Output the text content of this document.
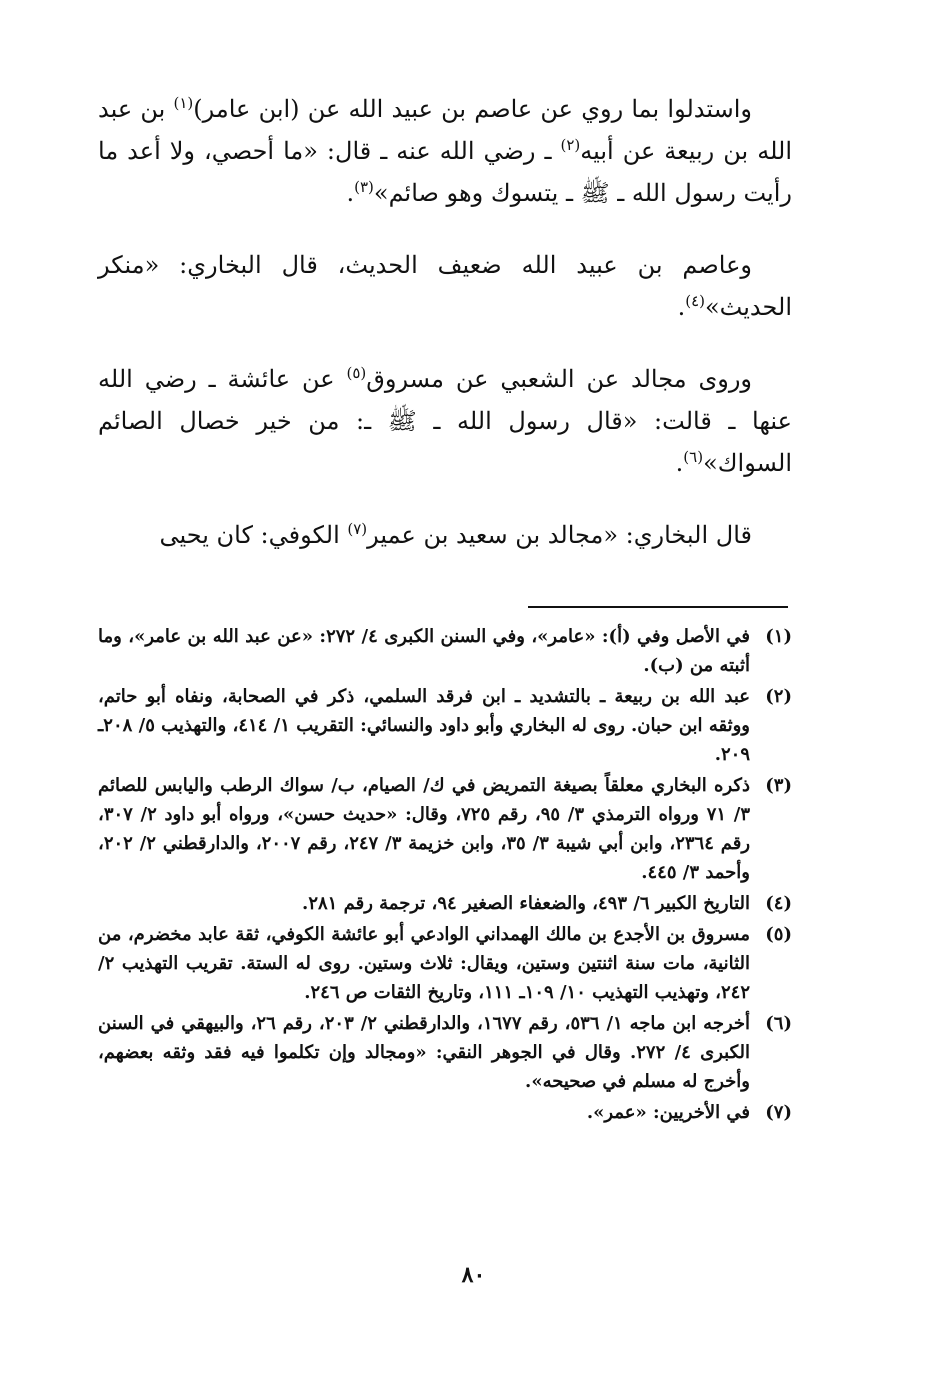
واستدلوا بما روي عن عاصم بن عبيد الله عن (ابن عامر)$^{(١)}$ بن عبد الله بن ربيعة عن أبيه$^{(٢)}$ ـ رضي الله عنه ـ قال: «ما أحصي، ولا أعد ما رأيت رسول الله ـ ﷺ ـ يتسوك وهو صائم»$^{(٣)}$.

وعاصم بن عبيد الله ضعيف الحديث، قال البخاري: «منكر الحديث»$^{(٤)}$.

وروى مجالد عن الشعبي عن مسروق$^{(٥)}$ عن عائشة ـ رضي الله عنها ـ قالت: «قال رسول الله ـ ﷺ ـ: من خير خصال الصائم السواك»$^{(٦)}$.

قال البخاري: «مجالد بن سعيد بن عمير$^{(٧)}$ الكوفي: كان يحيى

(١)
في الأصل وفي (أ): «عامر»، وفي السنن الكبرى ٤/ ٢٧٢: «عن عبد الله بن عامر»، وما أثبته من (ب).
(٢)
عبد الله بن ربيعة ـ بالتشديد ـ ابن فرقد السلمي، ذكر في الصحابة، ونفاه أبو حاتم، ووثقه ابن حبان. روى له البخاري وأبو داود والنسائي: التقريب ١/ ٤١٤، والتهذيب ٥/ ٢٠٨ـ ٢٠٩.
(٣)
ذكره البخاري معلقاً بصيغة التمريض في ك/ الصيام، ب/ سواك الرطب واليابس للصائم ٣/ ٧١ ورواه الترمذي ٣/ ٩٥، رقم ٧٢٥، وقال: «حديث حسن»، ورواه أبو داود ٢/ ٣٠٧، رقم ٢٣٦٤، وابن أبي شيبة ٣/ ٣٥، وابن خزيمة ٣/ ٢٤٧، رقم ٢٠٠٧، والدارقطني ٢/ ٢٠٢، وأحمد ٣/ ٤٤٥.
(٤)
التاريخ الكبير ٦/ ٤٩٣، والضعفاء الصغير ٩٤، ترجمة رقم ٢٨١.
(٥)
مسروق بن الأجدع بن مالك الهمداني الوادعي أبو عائشة الكوفي، ثقة عابد مخضرم، من الثانية، مات سنة اثنتين وستين، ويقال: ثلاث وستين. روى له الستة. تقريب التهذيب ٢/ ٢٤٢، وتهذيب التهذيب ١٠/ ١٠٩ـ ١١١، وتاريخ الثقات ص ٢٤٦.
(٦)
أخرجه ابن ماجه ١/ ٥٣٦، رقم ١٦٧٧، والدارقطني ٢/ ٢٠٣، رقم ٢٦، والبيهقي في السنن الكبرى ٤/ ٢٧٢. وقال في الجوهر النقي: «ومجالد وإن تكلموا فيه فقد وثقه بعضهم، وأخرج له مسلم في صحيحه».
(٧)
في الأخريين: «عمر».
٨٠
